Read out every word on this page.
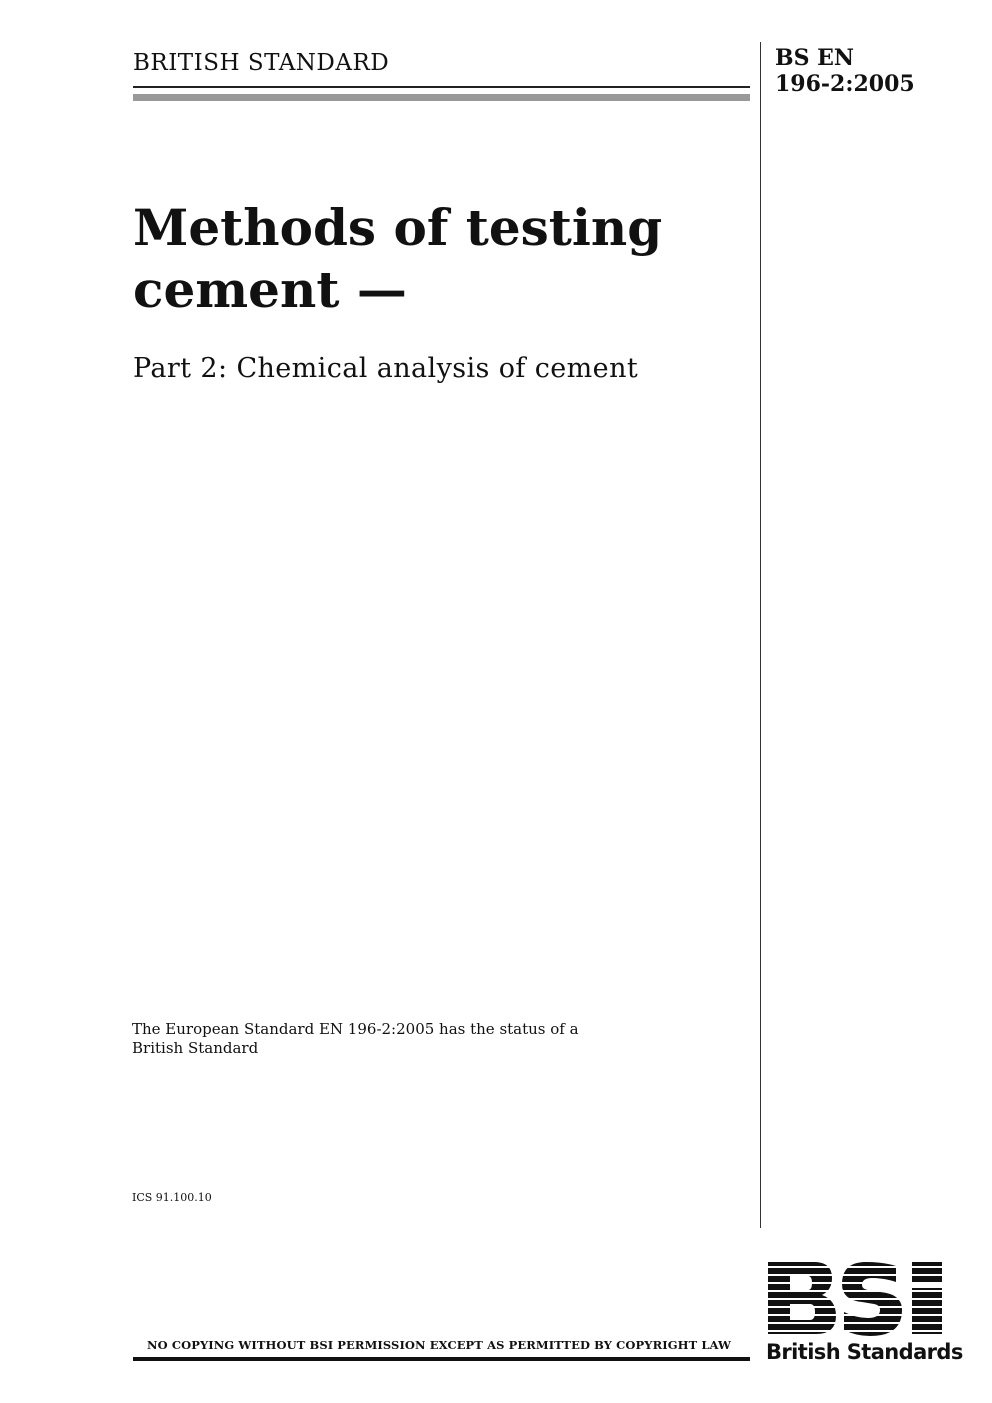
BRITISH STANDARD	BS EN
196-2:2005
Methods of testing
cement —
Part 2: Chemical analysis of cement
The European Standard EN 196-2:2005 has the status of a
British Standard
ICS 91.100.10
NO COPYING WITHOUT BSI PERMISSION EXCEPT AS PERMITTED BY COPYRIGHT LAW British Standards
